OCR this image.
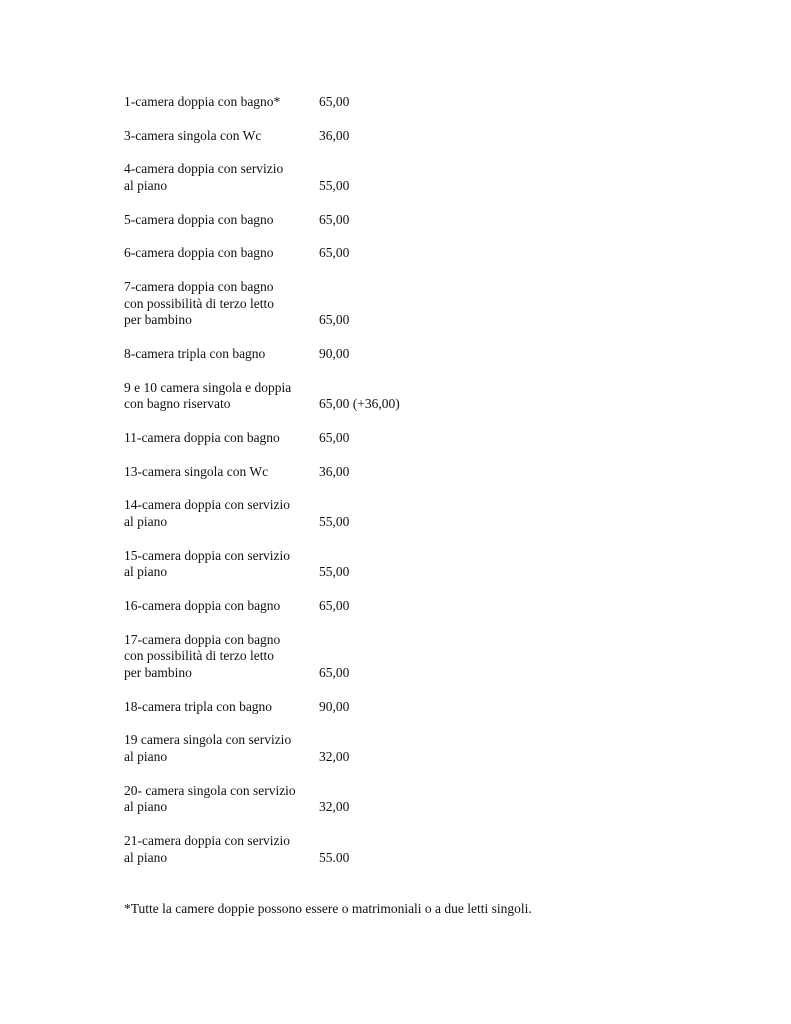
1-camera doppia con bagno*	65,00
3-camera singola con Wc	36,00
4-camera doppia con servizio
al piano	55,00
5-camera doppia con bagno	65,00
6-camera doppia con bagno	65,00
7-camera doppia con bagno
con possibilità di terzo letto
per bambino	65,00
8-camera tripla con bagno	90,00
9 e 10 camera singola e doppia
con bagno riservato	65,00 (+36,00)
11-camera doppia con bagno	65,00
13-camera singola con Wc	36,00
14-camera doppia con servizio
al piano	55,00
15-camera doppia con servizio
al piano	55,00
16-camera doppia con bagno	65,00
17-camera doppia con bagno
con possibilità di terzo letto
per bambino	65,00
18-camera tripla con bagno	90,00
19 camera singola con servizio
al piano	32,00
20- camera singola con servizio
al piano	32,00
21-camera doppia con servizio
al piano	55.00
*Tutte la camere doppie possono essere o matrimoniali o a due letti singoli.
